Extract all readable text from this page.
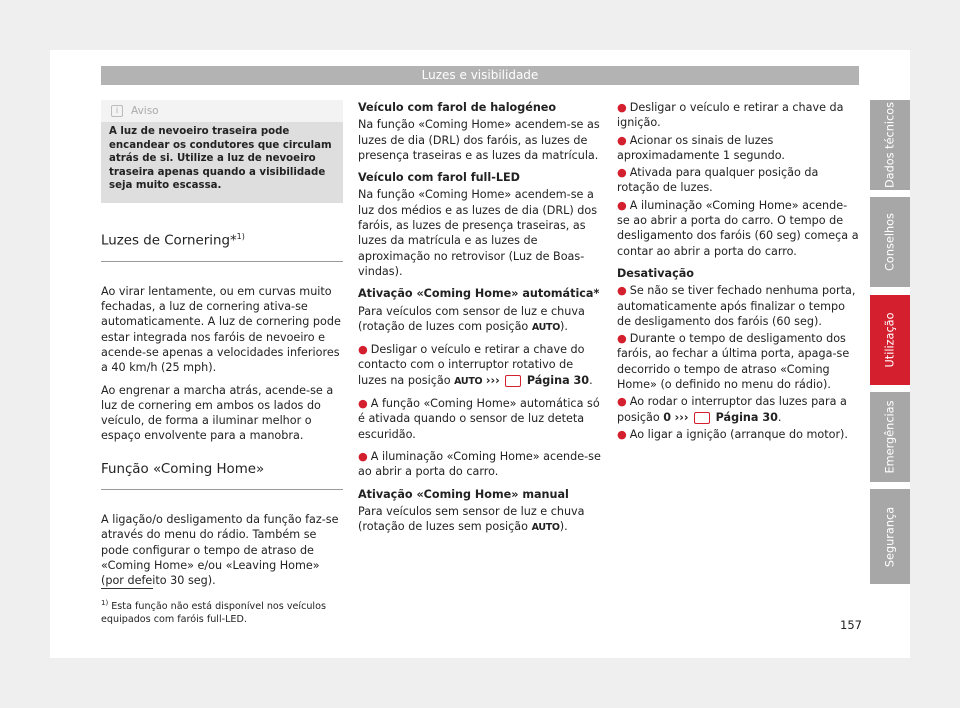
Luzes e visibilidade
i Aviso
A luz de nevoeiro traseira pode encandear os condutores que circulam atrás de si. Utilize a luz de nevoeiro traseira apenas quando a visibilidade seja muito escassa.
Luzes de Cornering*$^{1)}$

Ao virar lentamente, ou em curvas muito fechadas, a luz de cornering ativa-se automaticamente. A luz de cornering pode estar integrada nos faróis de nevoeiro e acende-se apenas a velocidades inferiores a 40 km/h (25 mph).

Ao engrenar a marcha atrás, acende-se a luz de cornering em ambos os lados do veículo, de forma a iluminar melhor o espaço envolvente para a manobra.

Função «Coming Home»

A ligação/o desligamento da função faz-se através do menu do rádio. Também se pode configurar o tempo de atraso de «Coming Home» e/ou «Leaving Home» (por defeito 30 seg).

Veículo com farol de halogéneo

Na função «Coming Home» acendem-se as luzes de dia (DRL) dos faróis, as luzes de presença traseiras e as luzes da matrícula.

Veículo com farol full-LED

Na função «Coming Home» acendem-se a luz dos médios e as luzes de dia (DRL) dos faróis, as luzes de presença traseiras, as luzes da matrícula e as luzes de aproximação no retrovisor (Luz de Boas-vindas).

Ativação «Coming Home» automática*

Para veículos com sensor de luz e chuva (rotação de luzes com posição AUTO).

● Desligar o veículo e retirar a chave do contacto com o interruptor rotativo de luzes na posição AUTO ››› Página 30.

● A função «Coming Home» automática só é ativada quando o sensor de luz deteta escuridão.

● A iluminação «Coming Home» acende-se ao abrir a porta do carro.

Ativação «Coming Home» manual

Para veículos sem sensor de luz e chuva (rotação de luzes sem posição AUTO).

● Desligar o veículo e retirar a chave da ignição.

● Acionar os sinais de luzes aproximadamente 1 segundo.

● Ativada para qualquer posição da rotação de luzes.

● A iluminação «Coming Home» acende-se ao abrir a porta do carro. O tempo de desligamento dos faróis (60 seg) começa a contar ao abrir a porta do carro.

Desativação

● Se não se tiver fechado nenhuma porta, automaticamente após finalizar o tempo de desligamento dos faróis (60 seg).

● Durante o tempo de desligamento dos faróis, ao fechar a última porta, apaga-se decorrido o tempo de atraso «Coming Home» (o definido no menu do rádio).

● Ao rodar o interruptor das luzes para a posição 0 ››› Página 30.

● Ao ligar a ignição (arranque do motor).

$^{1)}$ Esta função não está disponível nos veículos equipados com faróis full-LED.	157
Dados técnicos
Conselhos
Utilização
Emergências
Segurança
